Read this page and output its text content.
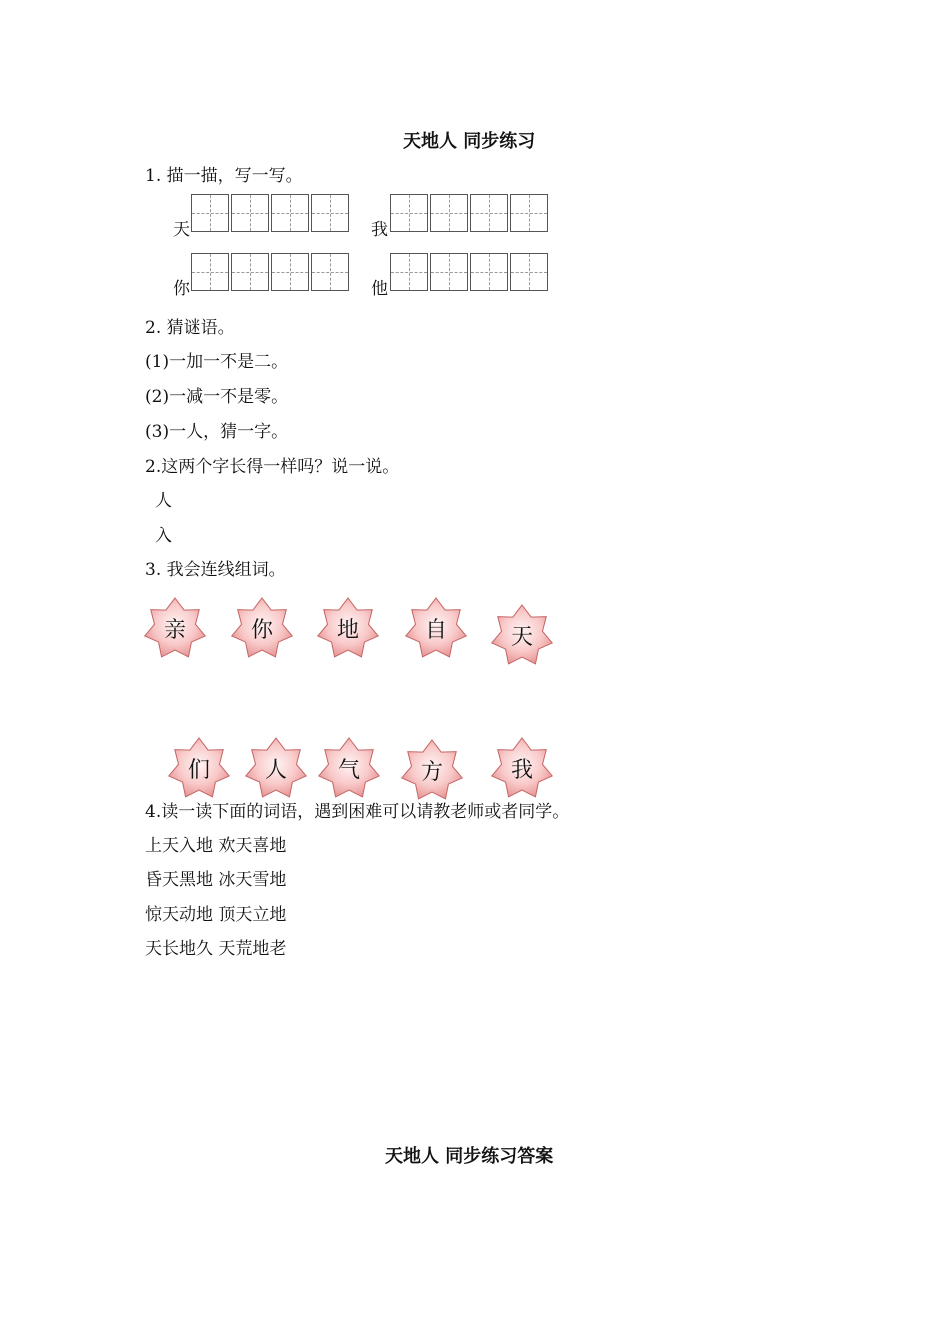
天地人 同步练习
1. 描一描，写一写。
天	我
你	他
2. 猜谜语。
(1)一加一不是二。
(2)一减一不是零。
(3)一人，猜一字。
2.这两个字长得一样吗？说一说。
人
入
3. 我会连线组词。
亲	你	地	自	天
们 人 气	方	我
4.读一读下面的词语，遇到困难可以请教老师或者同学。
上天入地 欢天喜地
昏天黑地 冰天雪地
惊天动地 顶天立地
天长地久 天荒地老
天地人 同步练习答案
